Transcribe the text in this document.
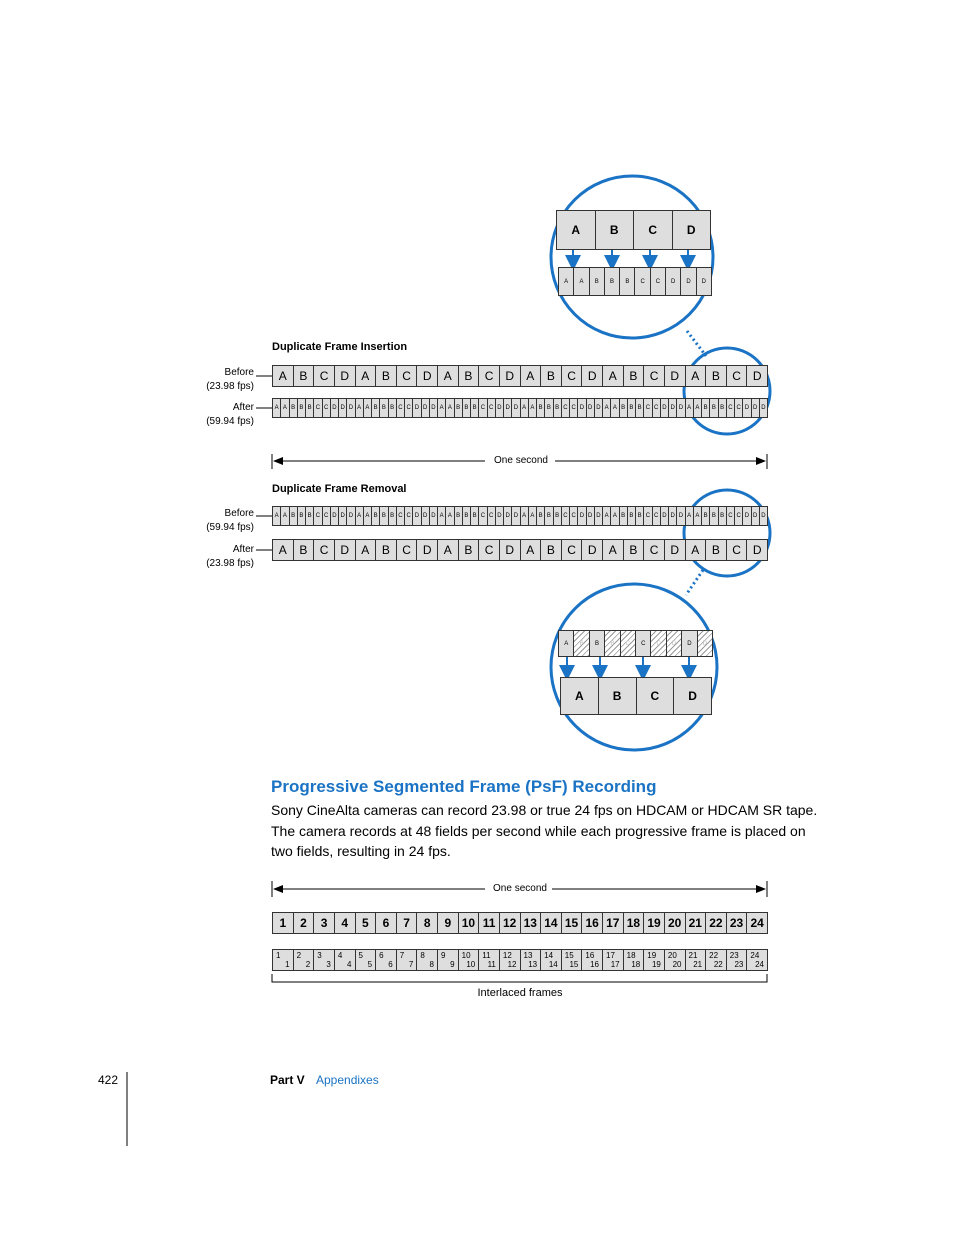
A	B	C	D
A	A	B	B	B	C	C	D	D	D
Duplicate Frame Insertion
Before
(23.98 fps)
After
(59.94 fps)
A	B	C D	A	B	C D	A	B	C D	A	B	C D	A	B	C D	A	B	C D
A A B B B C C D D D A A B B B C C D D D A A B B B C C D D D A A B B B C C D D D A A B B B C C D D D A A B B B C C D D D
One second
Duplicate Frame Removal
Before
(59.94 fps)
After
(23.98 fps)
A A B B B C C D D D A A B B B C C D D D A A B B B C C D D D A A B B B C C D D D A A B B B C C D D D A A B B B C C D D D
A	B	C D	A	B	C D	A	B	C D	A	B	C D	A	B	C D	A	B	C D
A	B	B	B	C	C	C	D	D	D
A	B	C	D
Progressive Segmented Frame (PsF) Recording
Sony CineAlta cameras can record 23.98 or true 24 fps on HDCAM or HDCAM SR tape. The camera records at 48 fields per second while each progressive frame is placed on two fields, resulting in 24 fps.
One second
1	2	3	4	5	6	7	8	9 10 11 12 13 14 15 16 17 18 19 20 21 22 23 24
1
1
2
2
3
3
4
4
5
5
6
6
7
7
8
8
9
9
10
10
11
11
12
12
13
13
14
14
15
15
16
16
17
17
18
18
19
19
20
20
21
21
22
22
23
23
24
24
Interlaced frames
422	Part V Appendixes
